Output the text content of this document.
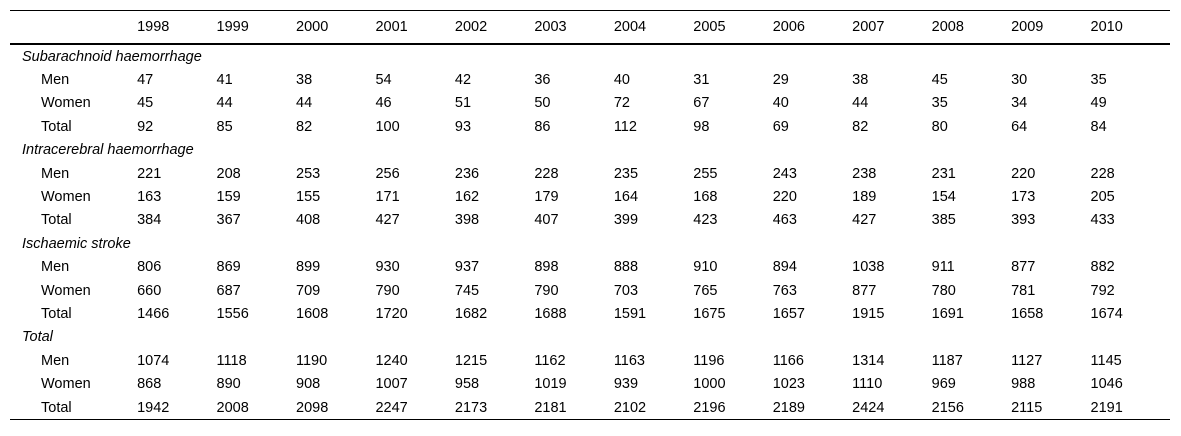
	1998	1999	2000	2001	2002	2003	2004	2005	2006	2007	2008	2009	2010
Subarachnoid haemorrhage													
Men	47	41	38	54	42	36	40	31	29	38	45	30	35
Women	45	44	44	46	51	50	72	67	40	44	35	34	49
Total	92	85	82	100	93	86	112	98	69	82	80	64	84
Intracerebral haemorrhage													
Men	221	208	253	256	236	228	235	255	243	238	231	220	228
Women	163	159	155	171	162	179	164	168	220	189	154	173	205
Total	384	367	408	427	398	407	399	423	463	427	385	393	433
Ischaemic stroke													
Men	806	869	899	930	937	898	888	910	894	1038	911	877	882
Women	660	687	709	790	745	790	703	765	763	877	780	781	792
Total	1466	1556	1608	1720	1682	1688	1591	1675	1657	1915	1691	1658	1674
Total													
Men	1074	1118	1190	1240	1215	1162	1163	1196	1166	1314	1187	1127	1145
Women	868	890	908	1007	958	1019	939	1000	1023	1110	969	988	1046
Total	1942	2008	2098	2247	2173	2181	2102	2196	2189	2424	2156	2115	2191
